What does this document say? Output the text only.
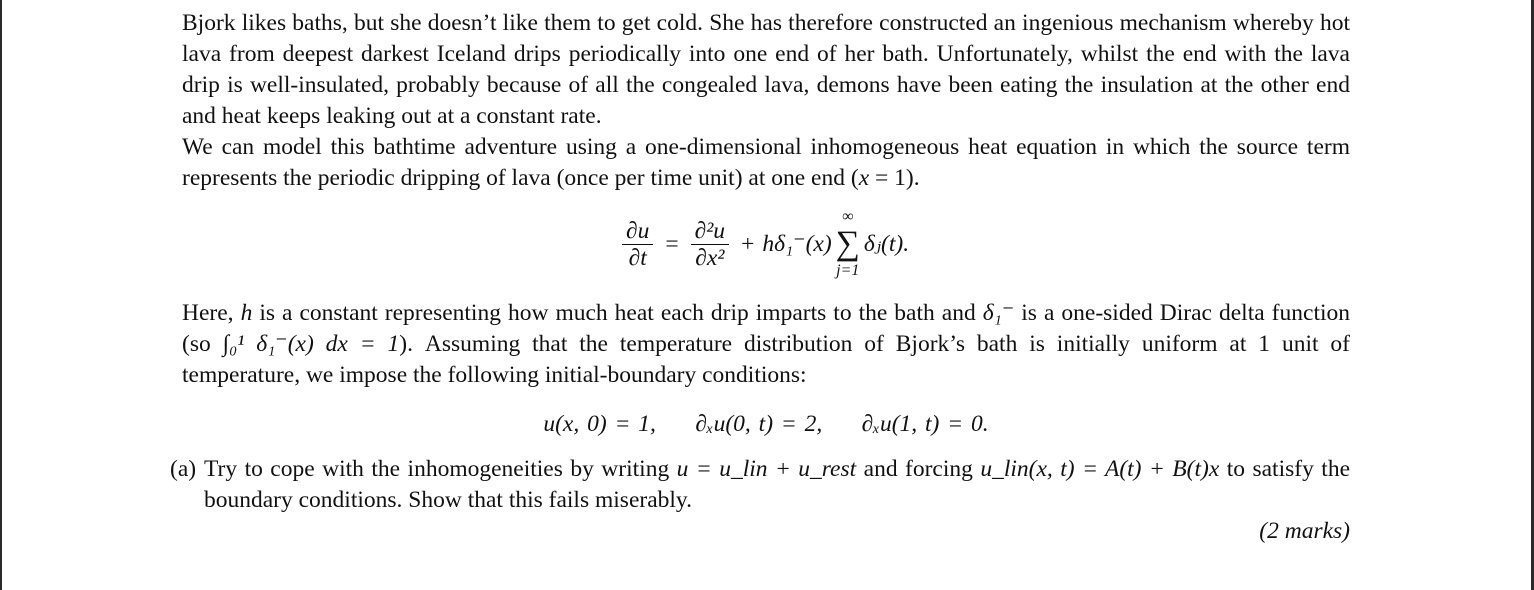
Bjork likes baths, but she doesn’t like them to get cold. She has therefore constructed an ingenious mechanism whereby hot lava from deepest darkest Iceland drips periodically into one end of her bath. Unfortunately, whilst the end with the lava drip is well-insulated, probably because of all the congealed lava, demons have been eating the insulation at the other end and heat keeps leaking out at a constant rate.

We can model this bathtime adventure using a one-dimensional inhomogeneous heat equation in which the source term represents the periodic dripping of lava (once per time unit) at one end (x = 1).

$\frac{\partial u}{\partial t} = \frac{\text{∂²u}}{\text{∂x²}} + h\delta_1^-(x)$
∞
∑
j=1
δⱼ(t).

Here, h is a constant representing how much heat each drip imparts to the bath and δ₁⁻ is a one-sided Dirac delta function (so ∫₀¹ δ₁⁻(x) dx = 1). Assuming that the temperature distribution of Bjork’s bath is initially uniform at 1 unit of temperature, we impose the following initial-boundary conditions:

u(x, 0) = 1, ∂ₓu(0, t) = 2, ∂ₓu(1, t) = 0.
(a) Try to cope with the inhomogeneities by writing u = u_lin + u_rest and forcing u_lin(x, t) = A(t) + B(t)x to satisfy the boundary conditions. Show that this fails miserably.
(2 marks)
